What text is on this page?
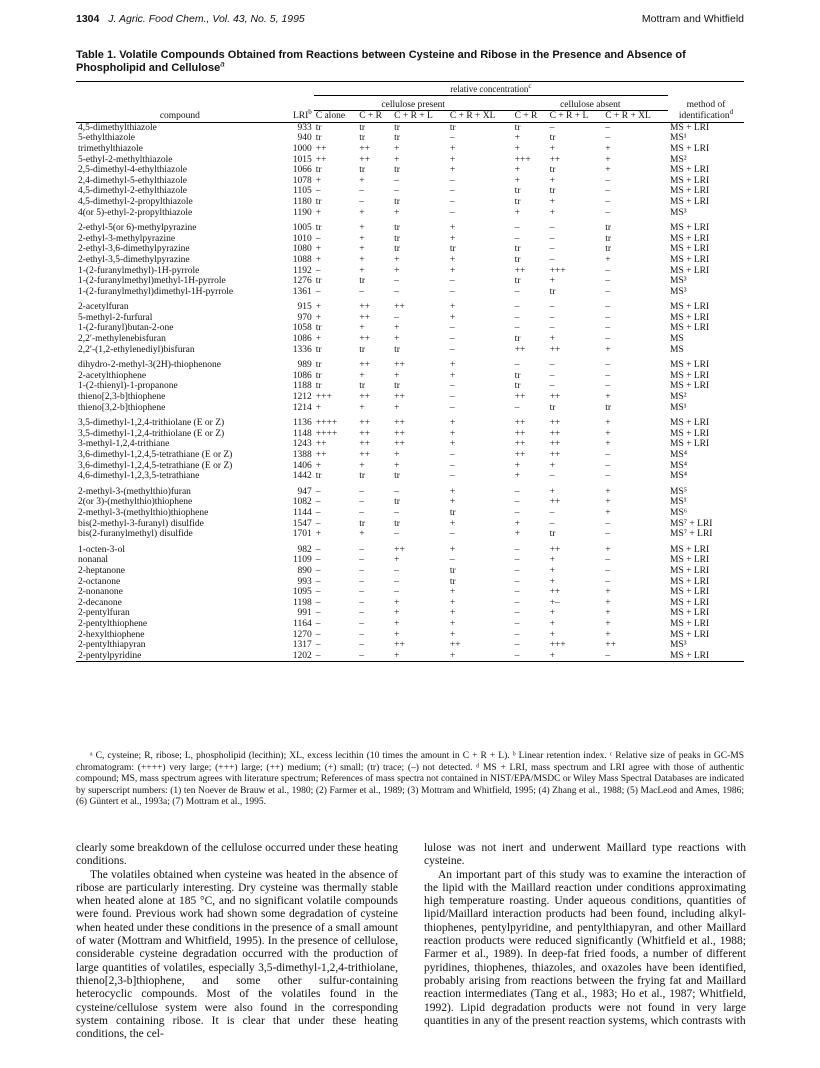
1304 J. Agric. Food Chem., Vol. 43, No. 5, 1995	Mottram and Whitfield
Table 1. Volatile Compounds Obtained from Reactions between Cysteine and Ribose in the Presence and Absence of Phospholipid and Cellulose$^a$
		relative concentration$^c$	
		cellulose present				cellulose absent			method of
compound	LRI$^b$	C alone	C + R	C + R + L	C + R + XL	C + R	C + R + L	C + R + XL	identification$^d$
4,5-dimethylthiazole	933	tr	tr	tr	tr	tr	–	–	MS + LRI
5-ethylthiazole	940	tr	tr	tr	–	+	tr	–	MS¹
trimethylthiazole	1000	++	++	+	+	+	+	+	MS + LRI
5-ethyl-2-methylthiazole	1015	++	++	+	+	+++	++	+	MS²
2,5-dimethyl-4-ethylthiazole	1066	tr	tr	tr	+	+	tr	+	MS + LRI
2,4-dimethyl-5-ethylthiazole	1078	+	+	–	–	+	+	–	MS + LRI
4,5-dimethyl-2-ethylthiazole	1105	–	–	–	–	tr	tr	–	MS + LRI
4,5-dimethyl-2-propylthiazole	1180	tr	–	tr	–	tr	+	–	MS + LRI
4(or 5)-ethyl-2-propylthiazole	1190	+	+	+	–	+	+	–	MS³
2-ethyl-5(or 6)-methylpyrazine	1005	tr	+	tr	+	–	–	tr	MS + LRI
2-ethyl-3-methylpyrazine	1010	–	+	tr	+	–	–	tr	MS + LRI
2-ethyl-3,6-dimethylpyrazine	1080	+	+	tr	tr	tr	–	tr	MS + LRI
2-ethyl-3,5-dimethylpyrazine	1088	+	+	+	+	tr	–	+	MS + LRI
1-(2-furanylmethyl)-1H-pyrrole	1192	–	+	+	+	++	+++	–	MS + LRI
1-(2-furanylmethyl)methyl-1H-pyrrole	1276	tr	tr	–	–	tr	+	–	MS³
1-(2-furanylmethyl)dimethyl-1H-pyrrole	1361	–	–	–	–	–	tr	–	MS³
2-acetylfuran	915	+	++	++	+	–	–	–	MS + LRI
5-methyl-2-furfural	970	+	++	–	+	–	–	–	MS + LRI
1-(2-furanyl)butan-2-one	1058	tr	+	+	–	–	–	–	MS + LRI
2,2′-methylenebisfuran	1086	+	++	+	–	tr	+	–	MS
2,2′-(1,2-ethylenediyl)bisfuran	1336	tr	tr	tr	–	++	++	+	MS
dihydro-2-methyl-3(2H)-thiophenone	989	tr	++	++	+	–	–	–	MS + LRI
2-acetylthiophene	1086	tr	+	+	+	tr	–	–	MS + LRI
1-(2-thienyl)-1-propanone	1188	tr	tr	tr	–	tr	–	–	MS + LRI
thieno[2,3-b]thiophene	1212	+++	++	++	–	++	++	+	MS²
thieno[3,2-b]thiophene	1214	+	+	+	–	–	tr	tr	MS¹
3,5-dimethyl-1,2,4-trithiolane (E or Z)	1136	++++	++	++	+	++	++	+	MS + LRI
3,5-dimethyl-1,2,4-trithiolane (E or Z)	1148	++++	++	++	+	++	++	+	MS + LRI
3-methyl-1,2,4-trithiane	1243	++	++	++	+	++	++	+	MS + LRI
3,6-dimethyl-1,2,4,5-tetrathiane (E or Z)	1388	++	++	+	–	++	++	–	MS⁴
3,6-dimethyl-1,2,4,5-tetrathiane (E or Z)	1406	+	+	+	–	+	+	–	MS⁴
4,6-dimethyl-1,2,3,5-tetrathiane	1442	tr	tr	tr	–	+	–	–	MS⁴
2-methyl-3-(methylthio)furan	947	–	–	–	+	–	+	+	MS⁵
2(or 3)-(methylthio)thiophene	1082	–	–	tr	+	–	++	+	MS¹
2-methyl-3-(methylthio)thiophene	1144	–	–	–	tr	–	–	+	MS⁶
bis(2-methyl-3-furanyl) disulfide	1547	–	tr	tr	+	+	–	–	MS⁷ + LRI
bis(2-furanylmethyl) disulfide	1701	+	+	–	–	+	tr	–	MS⁷ + LRI
1-octen-3-ol	982	–	–	++	+	–	++	+	MS + LRI
nonanal	1109	–	–	+	–	–	+	–	MS + LRI
2-heptanone	890	–	–	–	tr	–	+	–	MS + LRI
2-octanone	993	–	–	–	tr	–	+	–	MS + LRI
2-nonanone	1095	–	–	–	+	–	++	+	MS + LRI
2-decanone	1198	–	–	+	+	–	+–	+	MS + LRI
2-pentylfuran	991	–	–	+	+	–	+	+	MS + LRI
2-pentylthiophene	1164	–	–	+	+	–	+	+	MS + LRI
2-hexylthiophene	1270	–	–	+	+	–	+	+	MS + LRI
2-pentylthiapyran	1317	–	–	++	++	–	+++	++	MS³
2-pentylpyridine	1202	–	–	+	+	–	+	–	MS + LRI
ᵃ C, cysteine; R, ribose; L, phospholipid (lecithin); XL, excess lecithin (10 times the amount in C + R + L). ᵇ Linear retention index. ᶜ Relative size of peaks in GC-MS chromatogram: (++++) very large; (+++) large; (++) medium; (+) small; (tr) trace; (–) not detected. ᵈ MS + LRI, mass spectrum and LRI agree with those of authentic compound; MS, mass spectrum agrees with literature spectrum; References of mass spectra not contained in NIST/EPA/MSDC or Wiley Mass Spectral Databases are indicated by superscript numbers: (1) ten Noever de Brauw et al., 1980; (2) Farmer et al., 1989; (3) Mottram and Whitfield, 1995; (4) Zhang et al., 1988; (5) MacLeod and Ames, 1986; (6) Güntert et al., 1993a; (7) Mottram et al., 1995.

clearly some breakdown of the cellulose occurred under these heating conditions.

The volatiles obtained when cysteine was heated in the absence of ribose are particularly interesting. Dry cysteine was thermally stable when heated alone at 185 °C, and no significant volatile compounds were found. Previous work had shown some degradation of cysteine when heated under these conditions in the presence of a small amount of water (Mottram and Whitfield, 1995). In the presence of cellulose, considerable cysteine degradation occurred with the production of large quantities of volatiles, especially 3,5-dimethyl-1,2,4-trithiolane, thieno[2,3-b]thiophene, and some other sulfur-containing heterocyclic compounds. Most of the volatiles found in the cysteine/cellulose system were also found in the corresponding system containing ribose. It is clear that under these heating conditions, the cel-

lulose was not inert and underwent Maillard type reactions with cysteine.

An important part of this study was to examine the interaction of the lipid with the Maillard reaction under conditions approximating high temperature roasting. Under aqueous conditions, quantities of lipid/Maillard interaction products had been found, including alkyl-thiophenes, pentylpyridine, and pentylthiapyran, and other Maillard reaction products were reduced significantly (Whitfield et al., 1988; Farmer et al., 1989). In deep-fat fried foods, a number of different pyridines, thiophenes, thiazoles, and oxazoles have been identified, probably arising from reactions between the frying fat and Maillard reaction intermediates (Tang et al., 1983; Ho et al., 1987; Whitfield, 1992). Lipid degradation products were not found in very large quantities in any of the present reaction systems, which contrasts with
